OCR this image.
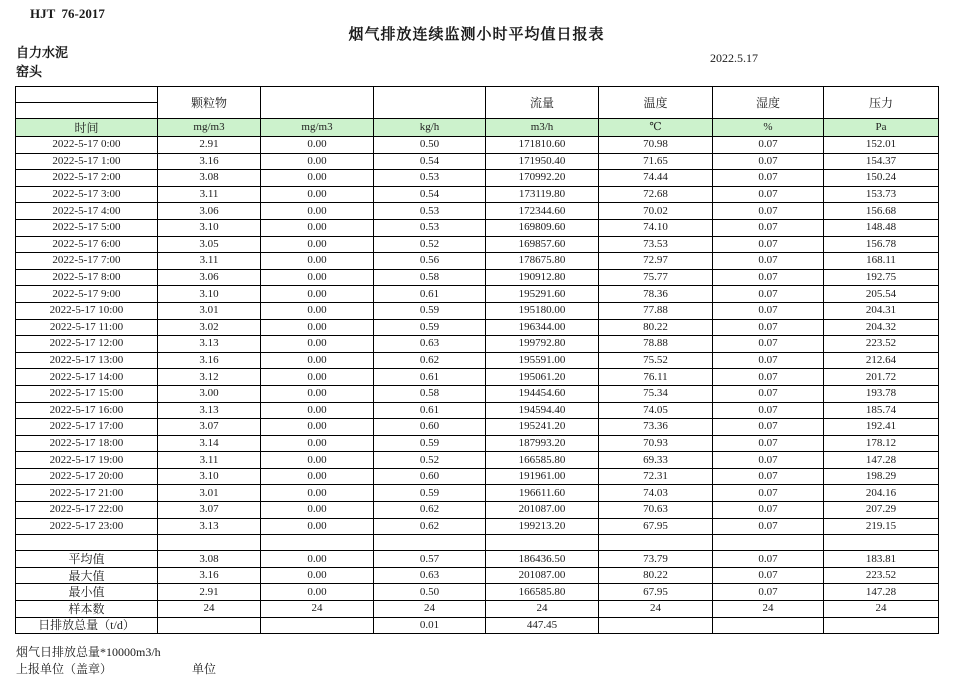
HJT  76-2017
烟气排放连续监测小时平均值日报表
自力水泥
窑头
2022.5.17
	颗粒物			流量	温度	湿度	压力

时间	mg/m3	mg/m3	kg/h	m3/h	℃	%	Pa
2022-5-17 0:00	2.91	0.00	0.50	171810.60	70.98	0.07	152.01
2022-5-17 1:00	3.16	0.00	0.54	171950.40	71.65	0.07	154.37
2022-5-17 2:00	3.08	0.00	0.53	170992.20	74.44	0.07	150.24
2022-5-17 3:00	3.11	0.00	0.54	173119.80	72.68	0.07	153.73
2022-5-17 4:00	3.06	0.00	0.53	172344.60	70.02	0.07	156.68
2022-5-17 5:00	3.10	0.00	0.53	169809.60	74.10	0.07	148.48
2022-5-17 6:00	3.05	0.00	0.52	169857.60	73.53	0.07	156.78
2022-5-17 7:00	3.11	0.00	0.56	178675.80	72.97	0.07	168.11
2022-5-17 8:00	3.06	0.00	0.58	190912.80	75.77	0.07	192.75
2022-5-17 9:00	3.10	0.00	0.61	195291.60	78.36	0.07	205.54
2022-5-17 10:00	3.01	0.00	0.59	195180.00	77.88	0.07	204.31
2022-5-17 11:00	3.02	0.00	0.59	196344.00	80.22	0.07	204.32
2022-5-17 12:00	3.13	0.00	0.63	199792.80	78.88	0.07	223.52
2022-5-17 13:00	3.16	0.00	0.62	195591.00	75.52	0.07	212.64
2022-5-17 14:00	3.12	0.00	0.61	195061.20	76.11	0.07	201.72
2022-5-17 15:00	3.00	0.00	0.58	194454.60	75.34	0.07	193.78
2022-5-17 16:00	3.13	0.00	0.61	194594.40	74.05	0.07	185.74
2022-5-17 17:00	3.07	0.00	0.60	195241.20	73.36	0.07	192.41
2022-5-17 18:00	3.14	0.00	0.59	187993.20	70.93	0.07	178.12
2022-5-17 19:00	3.11	0.00	0.52	166585.80	69.33	0.07	147.28
2022-5-17 20:00	3.10	0.00	0.60	191961.00	72.31	0.07	198.29
2022-5-17 21:00	3.01	0.00	0.59	196611.60	74.03	0.07	204.16
2022-5-17 22:00	3.07	0.00	0.62	201087.00	70.63	0.07	207.29
2022-5-17 23:00	3.13	0.00	0.62	199213.20	67.95	0.07	219.15

平均值	3.08	0.00	0.57	186436.50	73.79	0.07	183.81
最大值	3.16	0.00	0.63	201087.00	80.22	0.07	223.52
最小值	2.91	0.00	0.50	166585.80	67.95	0.07	147.28
样本数	24	24	24	24	24	24	24
日排放总量（t/d）			0.01	447.45			
烟气日排放总量*10000m3/h
上报单位（盖章）	单位
